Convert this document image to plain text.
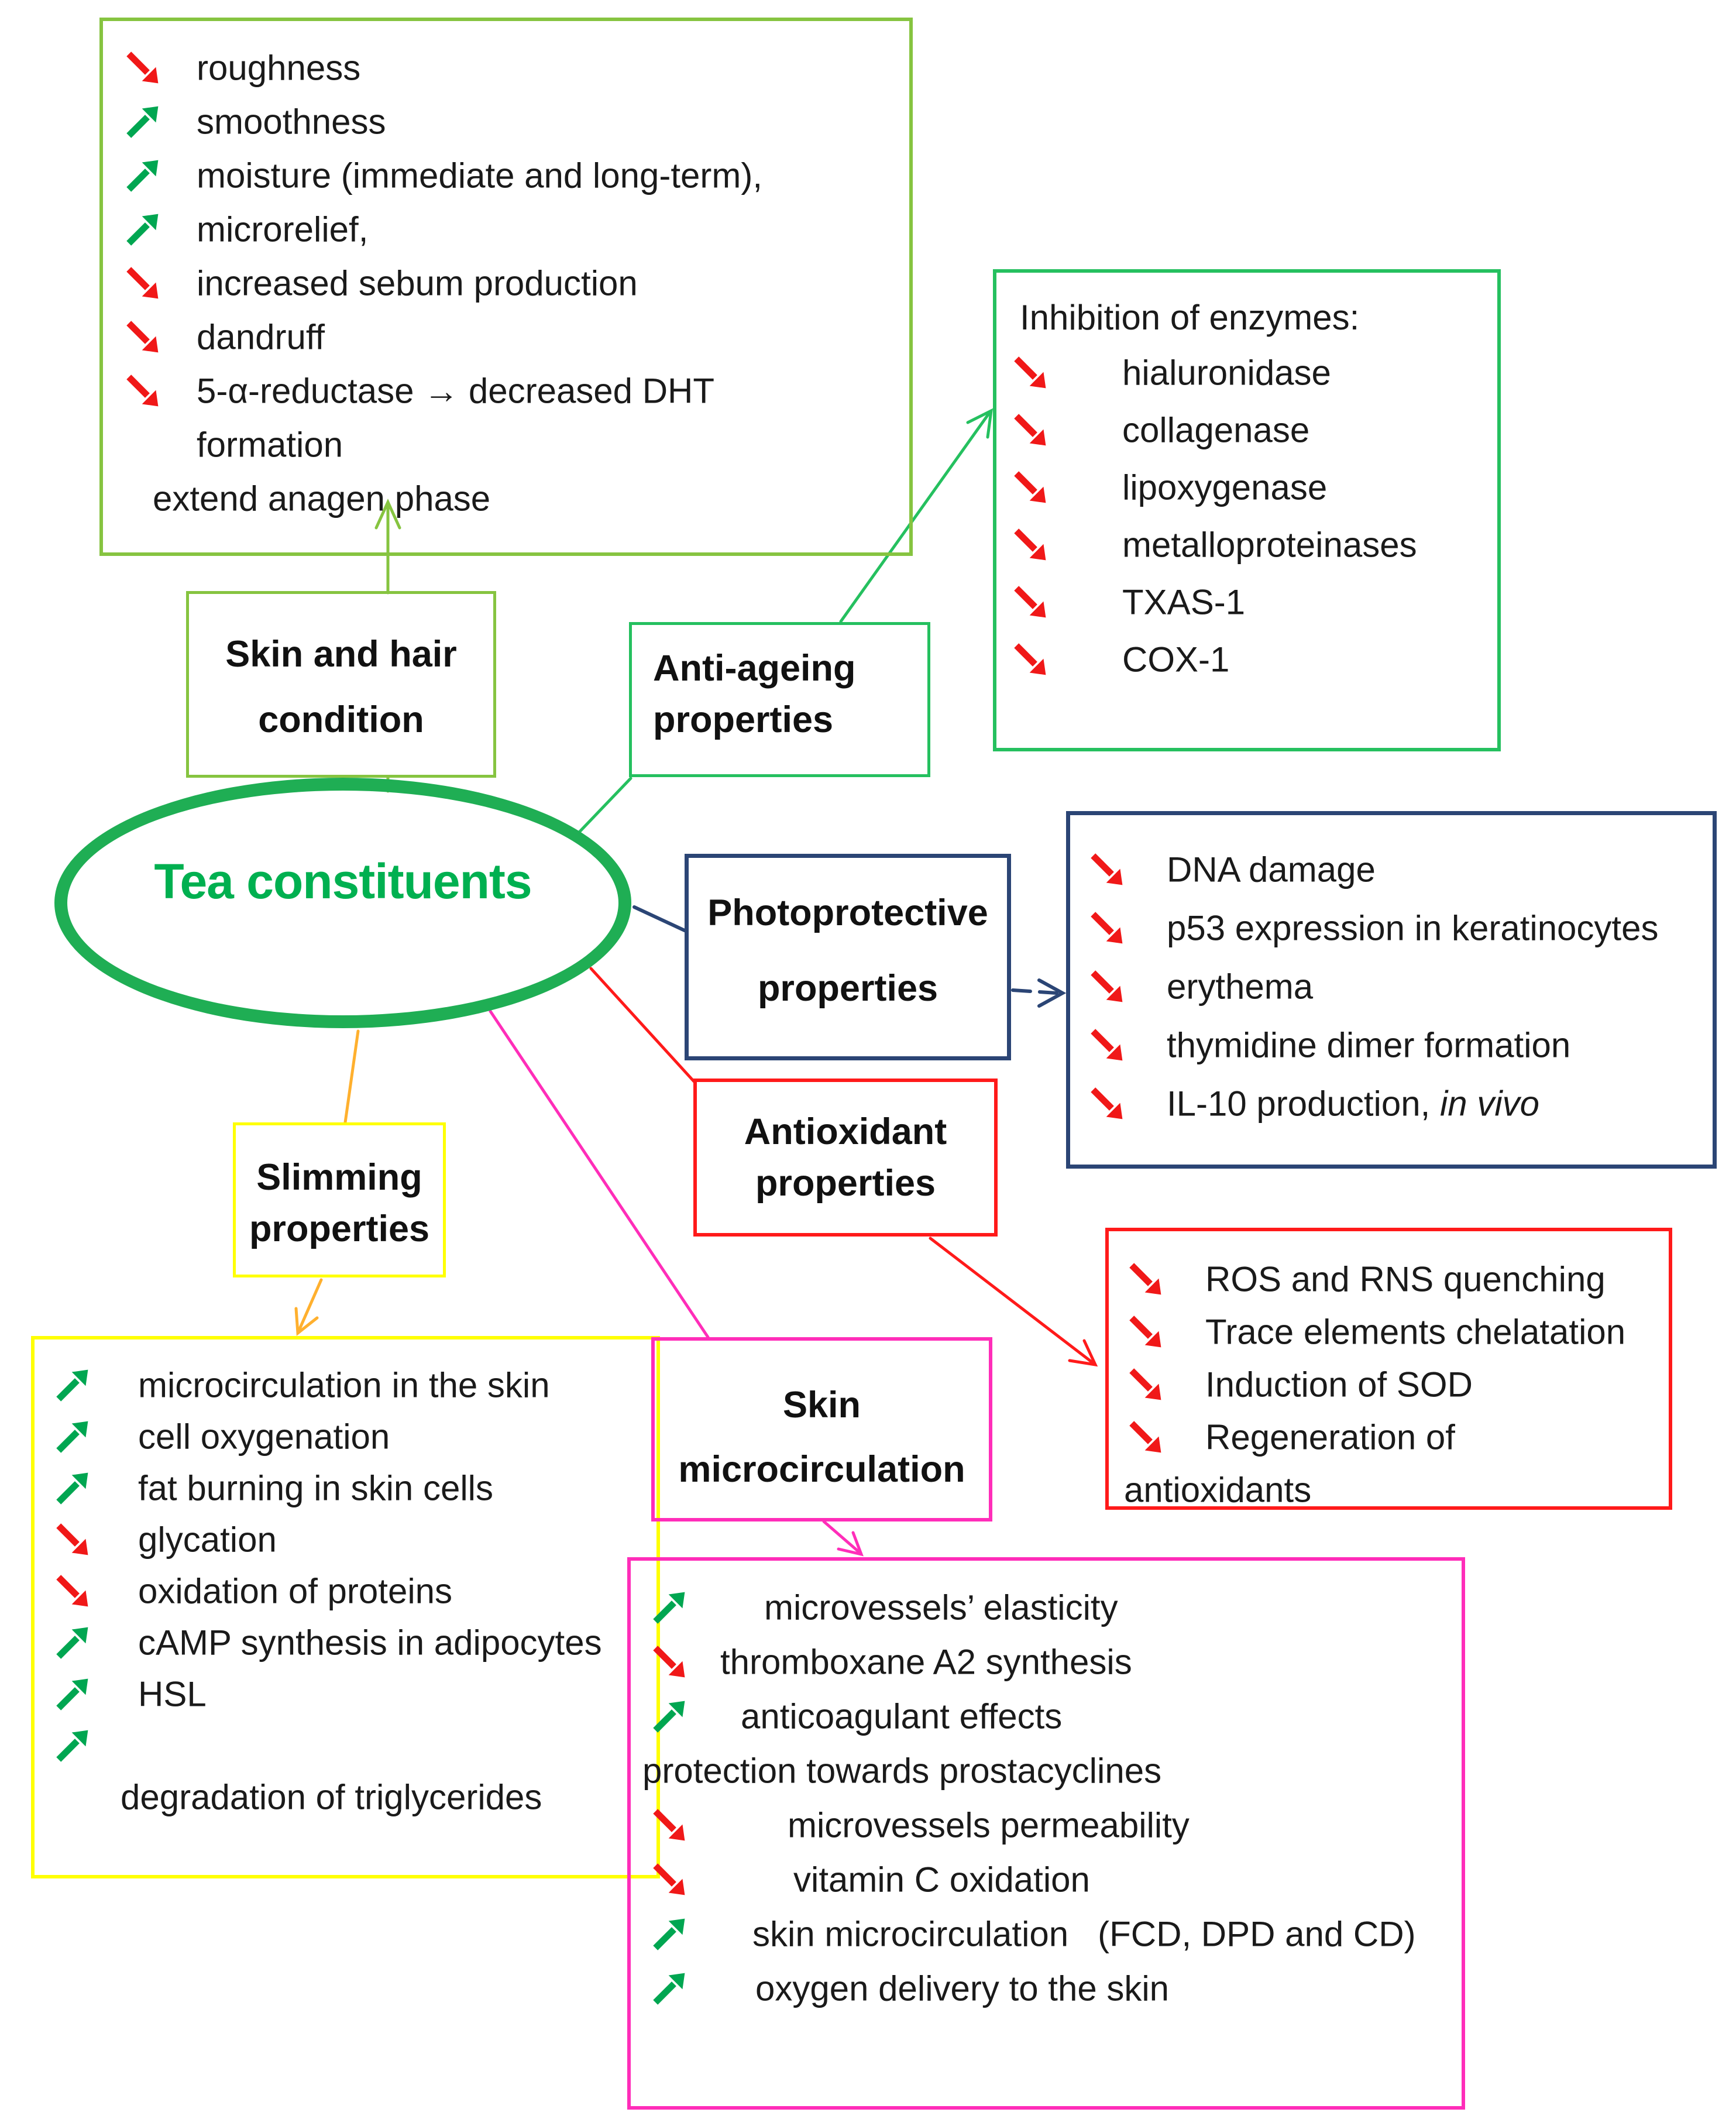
roughness
smoothness
moisture (immediate and long-term),
microrelief,
increased sebum production
dandruff
5-α-reductase → decreased DHT
formation
extend anagen phase
Inhibition of enzymes:
hialuronidase
collagenase
lipoxygenase
metalloproteinases
TXAS-1
COX-1
Skin and hair
condition
Anti-ageing
properties
Tea constituents
Photoprotective
properties
DNA damage
p53 expression in keratinocytes
erythema
thymidine dimer formation
IL-10 production, in vivo
Antioxidant
properties
ROS and RNS quenching
Trace elements chelatation
Induction of SOD
Regeneration of
antioxidants
Slimming
properties
microcirculation in the skin
cell oxygenation
fat burning in skin cells
glycation
oxidation of proteins
cAMP synthesis in adipocytes
HSL
degradation of triglycerides
Skin
microcirculation
microvessels’ elasticity
thromboxane A2 synthesis
anticoagulant effects
protection towards prostacyclines
microvessels permeability
vitamin C oxidation
skin microcirculation   (FCD, DPD and CD)
oxygen delivery to the skin
